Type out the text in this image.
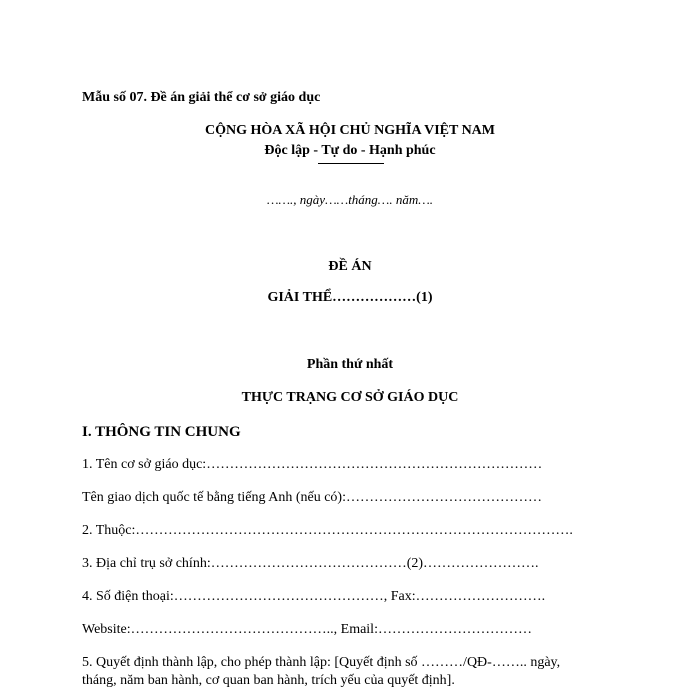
Mẫu số 07. Đề án giải thể cơ sở giáo dục
CỘNG HÒA XÃ HỘI CHỦ NGHĨA VIỆT NAM
Độc lập - Tự do - Hạnh phúc
……., ngày……tháng…. năm….
ĐỀ ÁN
GIẢI THỂ………………(1)
Phần thứ nhất
THỰC TRẠNG CƠ SỞ GIÁO DỤC
I. THÔNG TIN CHUNG
1. Tên cơ sở giáo dục:………………………………………………………………
Tên giao dịch quốc tế bằng tiếng Anh (nếu có):……………………………………
2. Thuộc:………………………………………………………………………………….
3. Địa chỉ trụ sở chính:……………………………………(2)…………………….
4. Số điện thoại:………………………………………, Fax:……………………….
Website:…………………………………….., Email:……………………………
5. Quyết định thành lập, cho phép thành lập: [Quyết định số ………/QĐ-…….. ngày,
tháng, năm ban hành, cơ quan ban hành, trích yếu của quyết định].
